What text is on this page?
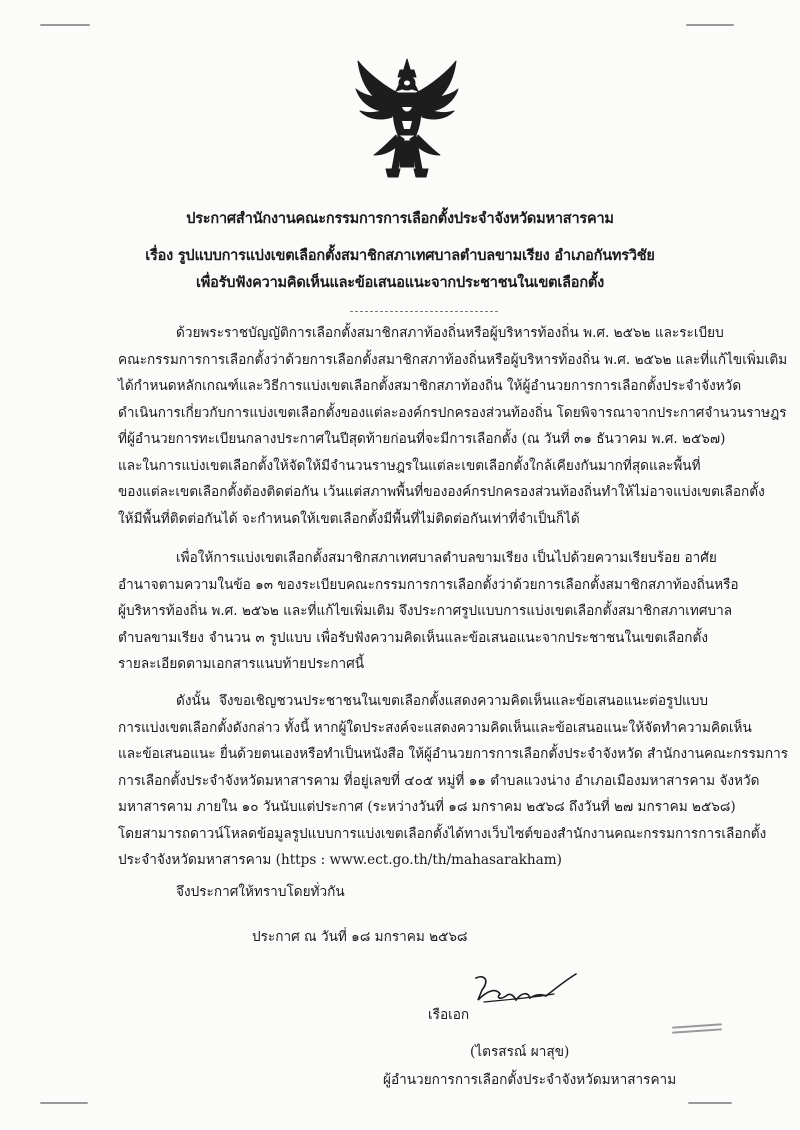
ประกาศสำนักงานคณะกรรมการการเลือกตั้งประจำจังหวัดมหาสารคาม
เรื่อง รูปแบบการแบ่งเขตเลือกตั้งสมาชิกสภาเทศบาลตำบลขามเรียง อำเภอกันทรวิชัย
เพื่อรับฟังความคิดเห็นและข้อเสนอแนะจากประชาชนในเขตเลือกตั้ง
ด้วยพระราชบัญญัติการเลือกตั้งสมาชิกสภาท้องถิ่นหรือผู้บริหารท้องถิ่น พ.ศ. ๒๕๖๒ และระเบียบ
คณะกรรมการการเลือกตั้งว่าด้วยการเลือกตั้งสมาชิกสภาท้องถิ่นหรือผู้บริหารท้องถิ่น พ.ศ. ๒๕๖๒ และที่แก้ไขเพิ่มเติม
ได้กำหนดหลักเกณฑ์และวิธีการแบ่งเขตเลือกตั้งสมาชิกสภาท้องถิ่น ให้ผู้อำนวยการการเลือกตั้งประจำจังหวัด
ดำเนินการเกี่ยวกับการแบ่งเขตเลือกตั้งของแต่ละองค์กรปกครองส่วนท้องถิ่น โดยพิจารณาจากประกาศจำนวนราษฎร
ที่ผู้อำนวยการทะเบียนกลางประกาศในปีสุดท้ายก่อนที่จะมีการเลือกตั้ง (ณ วันที่ ๓๑ ธันวาคม พ.ศ. ๒๕๖๗)
และในการแบ่งเขตเลือกตั้งให้จัดให้มีจำนวนราษฎรในแต่ละเขตเลือกตั้งใกล้เคียงกันมากที่สุดและพื้นที่
ของแต่ละเขตเลือกตั้งต้องติดต่อกัน เว้นแต่สภาพพื้นที่ขององค์กรปกครองส่วนท้องถิ่นทำให้ไม่อาจแบ่งเขตเลือกตั้ง
ให้มีพื้นที่ติดต่อกันได้ จะกำหนดให้เขตเลือกตั้งมีพื้นที่ไม่ติดต่อกันเท่าที่จำเป็นก็ได้
เพื่อให้การแบ่งเขตเลือกตั้งสมาชิกสภาเทศบาลตำบลขามเรียง เป็นไปด้วยความเรียบร้อย อาศัย
อำนาจตามความในข้อ ๑๓ ของระเบียบคณะกรรมการการเลือกตั้งว่าด้วยการเลือกตั้งสมาชิกสภาท้องถิ่นหรือ
ผู้บริหารท้องถิ่น พ.ศ. ๒๕๖๒ และที่แก้ไขเพิ่มเติม จึงประกาศรูปแบบการแบ่งเขตเลือกตั้งสมาชิกสภาเทศบาล
ตำบลขามเรียง จำนวน ๓ รูปแบบ เพื่อรับฟังความคิดเห็นและข้อเสนอแนะจากประชาชนในเขตเลือกตั้ง
รายละเอียดตามเอกสารแนบท้ายประกาศนี้
ดังนั้น จึงขอเชิญชวนประชาชนในเขตเลือกตั้งแสดงความคิดเห็นและข้อเสนอแนะต่อรูปแบบ
การแบ่งเขตเลือกตั้งดังกล่าว ทั้งนี้ หากผู้ใดประสงค์จะแสดงความคิดเห็นและข้อเสนอแนะให้จัดทำความคิดเห็น
และข้อเสนอแนะ ยื่นด้วยตนเองหรือทำเป็นหนังสือ ให้ผู้อำนวยการการเลือกตั้งประจำจังหวัด สำนักงานคณะกรรมการ
การเลือกตั้งประจำจังหวัดมหาสารคาม ที่อยู่เลขที่ ๔๐๕ หมู่ที่ ๑๑ ตำบลแวงน่าง อำเภอเมืองมหาสารคาม จังหวัด
มหาสารคาม ภายใน ๑๐ วันนับแต่ประกาศ (ระหว่างวันที่ ๑๘ มกราคม ๒๕๖๘ ถึงวันที่ ๒๗ มกราคม ๒๕๖๘)
โดยสามารถดาวน์โหลดข้อมูลรูปแบบการแบ่งเขตเลือกตั้งได้ทางเว็บไซต์ของสำนักงานคณะกรรมการการเลือกตั้ง
ประจำจังหวัดมหาสารคาม (https : www.ect.go.th/th/mahasarakham)
จึงประกาศให้ทราบโดยทั่วกัน
ประกาศ ณ วันที่ ๑๘ มกราคม ๒๕๖๘
เรือเอก
(ไตรสรณ์ ผาสุข)
ผู้อำนวยการการเลือกตั้งประจำจังหวัดมหาสารคาม
